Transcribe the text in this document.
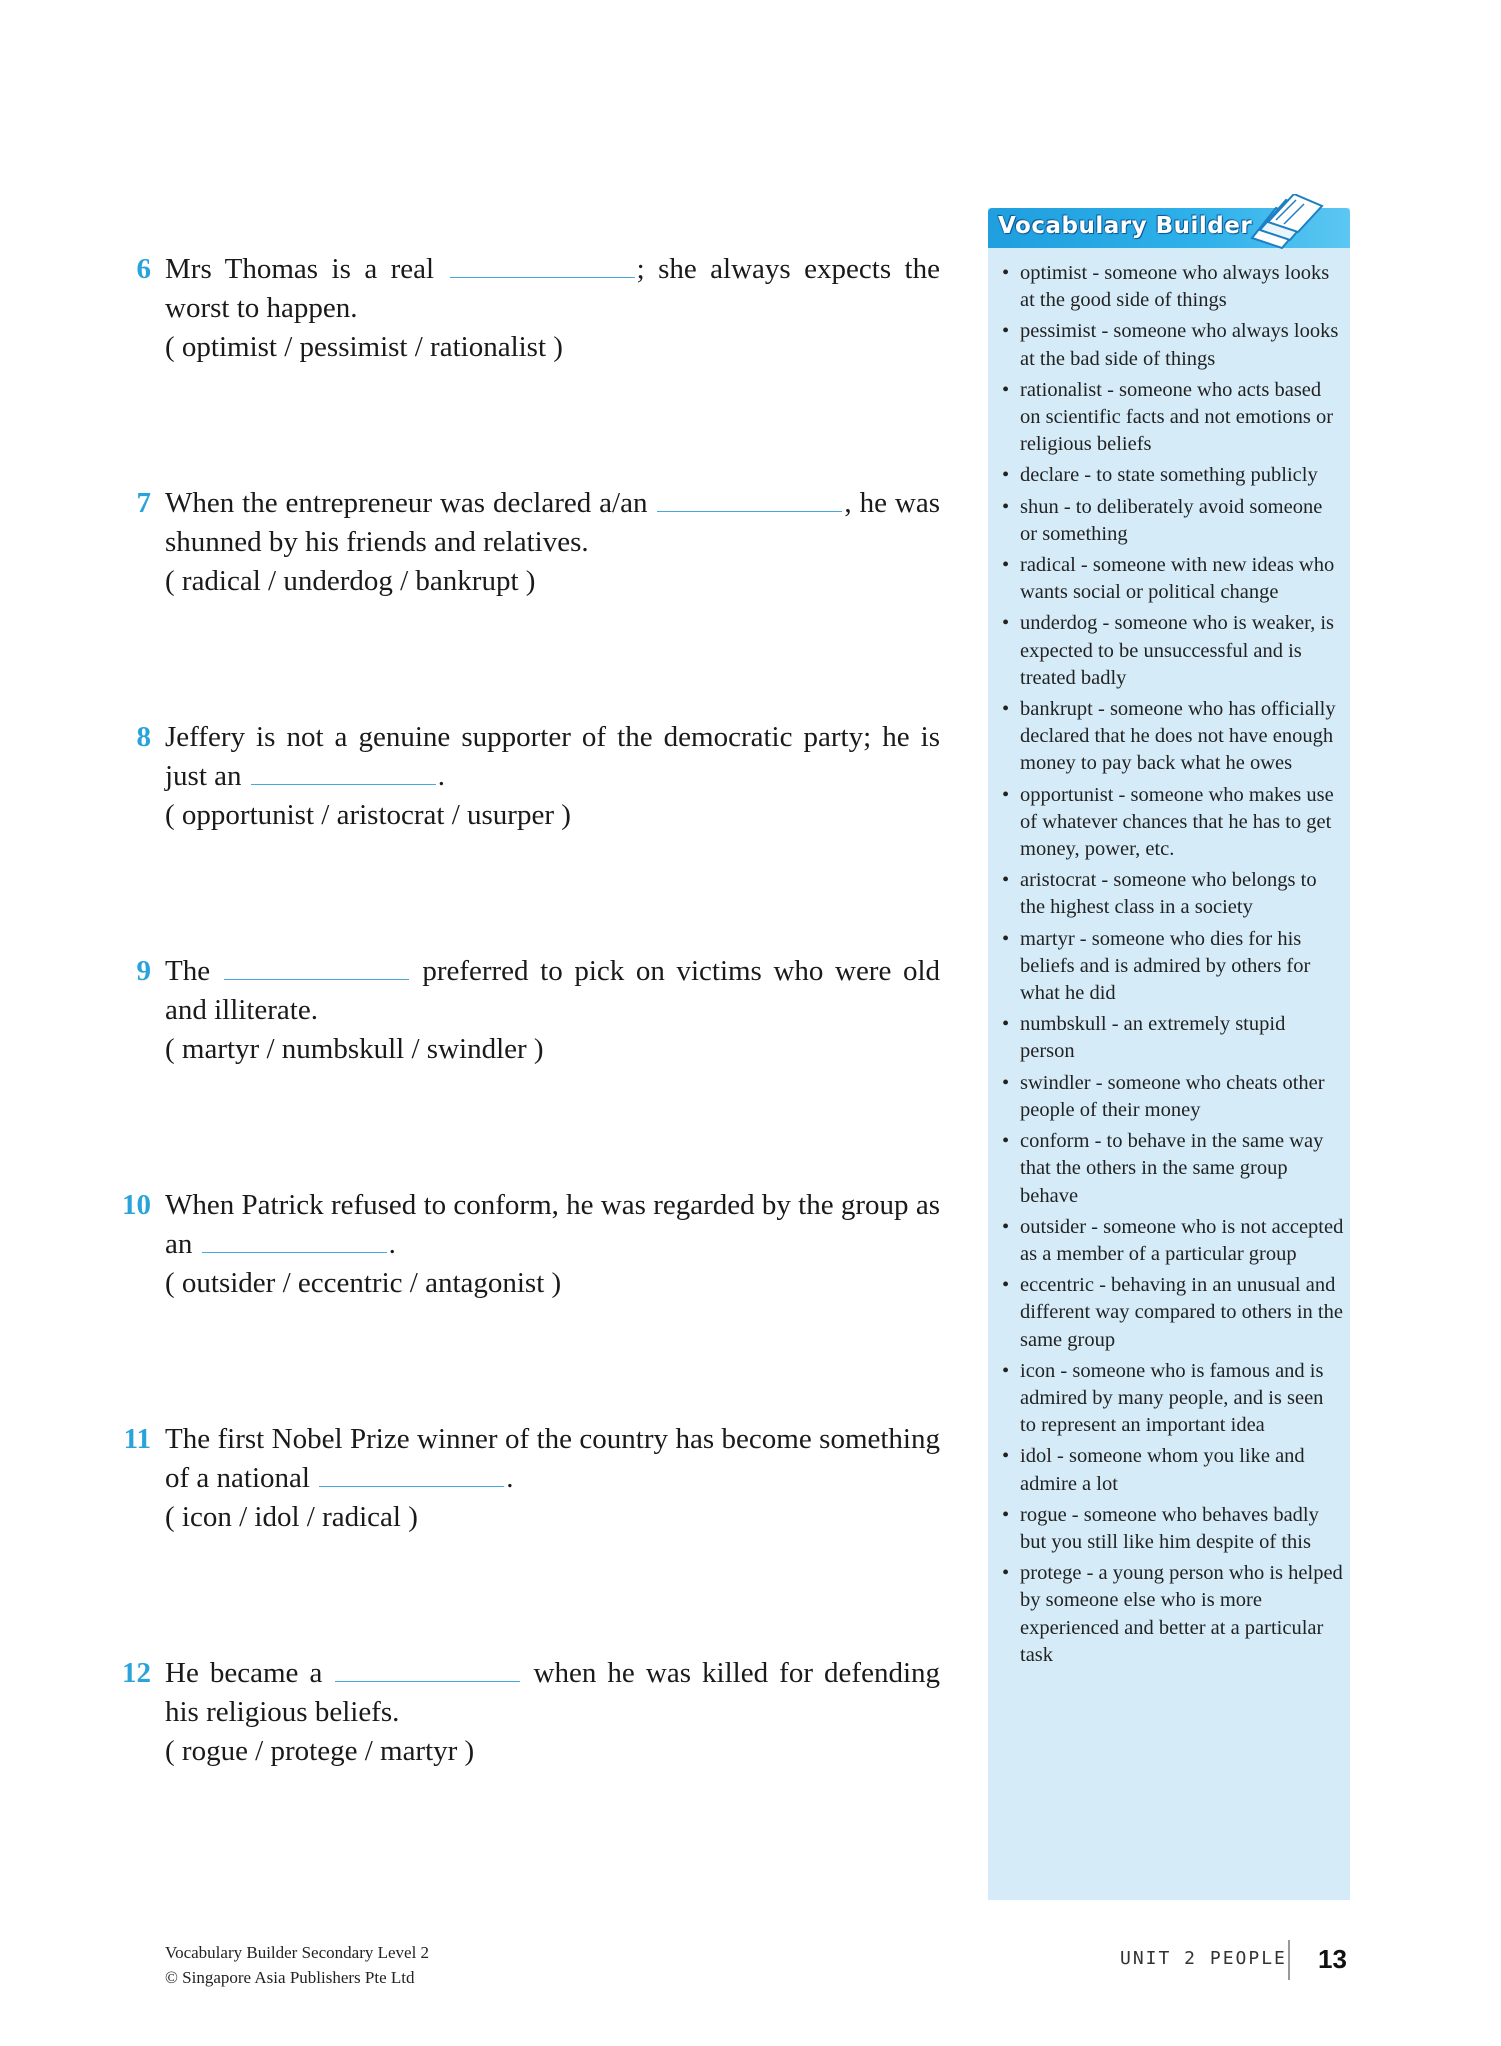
6 Mrs Thomas is a real	; she always expects the worst to happen.
( optimist / pessimist / rationalist )
7 When the entrepreneur was declared a/an	, he was shunned by his friends and relatives.
( radical / underdog / bankrupt )
8 Jeffery is not a genuine supporter of the democratic party; he is just an	.
( opportunist / aristocrat / usurper )
9 The	preferred to pick on victims who were old and illiterate.
( martyr / numbskull / swindler )
10 When Patrick refused to conform, he was regarded by the group as an	.
( outsider / eccentric / antagonist )
11 The first Nobel Prize winner of the country has become something of a national	.
( icon / idol / radical )
12 He became a	when he was killed for defending his religious beliefs.
( rogue / protege / martyr )
Vocabulary Builder
• optimist - someone who always looks at the good side of things
• pessimist - someone who always looks at the bad side of things
• rationalist - someone who acts based on scientific facts and not emotions or religious beliefs
• declare - to state something publicly
• shun - to deliberately avoid someone or something
• radical - someone with new ideas who wants social or political change
• underdog - someone who is weaker, is expected to be unsuccessful and is treated badly
• bankrupt - someone who has officially declared that he does not have enough money to pay back what he owes
• opportunist - someone who makes use of whatever chances that he has to get money, power, etc.
• aristocrat - someone who belongs to the highest class in a society
• martyr - someone who dies for his beliefs and is admired by others for what he did
• numbskull - an extremely stupid person
• swindler - someone who cheats other people of their money
• conform - to behave in the same way that the others in the same group behave
• outsider - someone who is not accepted as a member of a particular group
• eccentric - behaving in an unusual and different way compared to others in the same group
• icon - someone who is famous and is admired by many people, and is seen to represent an important idea
• idol - someone whom you like and admire a lot
• rogue - someone who behaves badly but you still like him despite of this
• protege - a young person who is helped by someone else who is more experienced and better at a particular task
Vocabulary Builder Secondary Level 2
© Singapore Asia Publishers Pte Ltd
UNIT 2 PEOPLE 13
